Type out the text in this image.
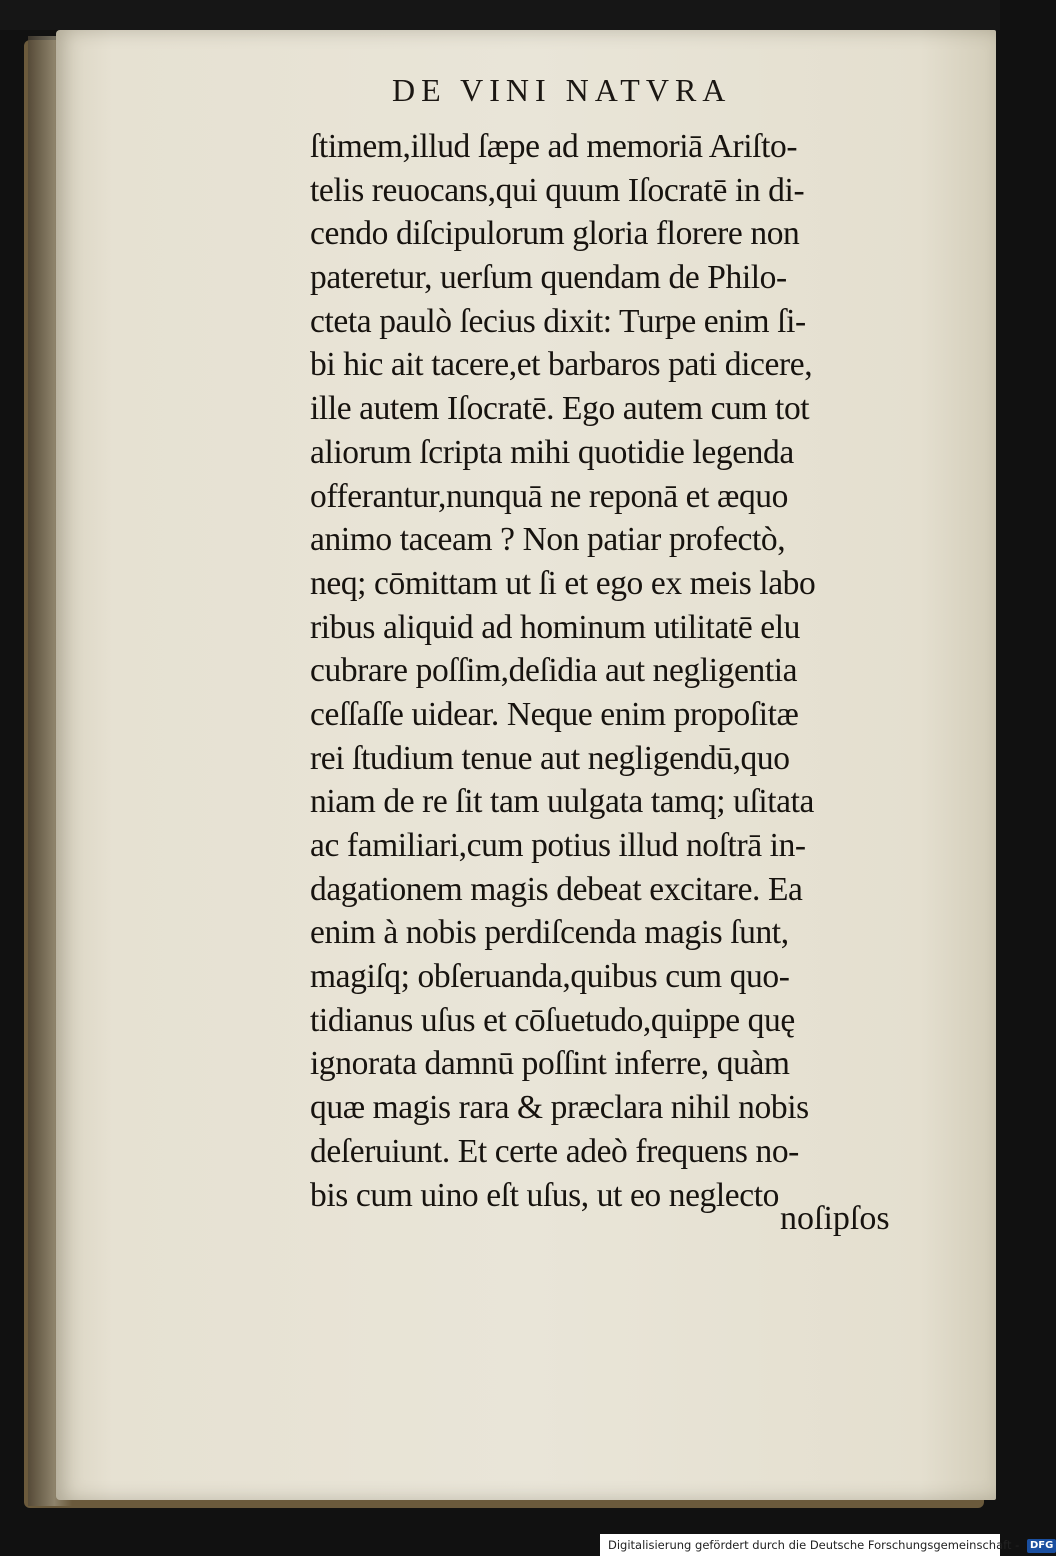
DE VINI NATVRA
ſtimem,illud ſæpe ad memoriā Ariſto-
telis reuocans,qui quum Iſocratē in di-
cendo diſcipulorum gloria florere non
pateretur, uerſum quendam de Philo-
cteta paulò ſecius dixit: Turpe enim ſi-
bi hic ait tacere,et barbaros pati dicere,
ille autem Iſocratē. Ego autem cum tot
aliorum ſcripta mihi quotidie legenda
offerantur,nunquā ne reponā et æquo
animo taceam ? Non patiar profectò,
neq; cōmittam ut ſi et ego ex meis labo
ribus aliquid ad hominum utilitatē elu
cubrare poſſim,deſidia aut negligentia
ceſſaſſe uidear. Neque enim propoſitæ
rei ſtudium tenue aut negligendū,quo
niam de re ſit tam uulgata tamq; uſitata
ac familiari,cum potius illud noſtrā in-
dagationem magis debeat excitare. Ea
enim à nobis perdiſcenda magis ſunt,
magiſq; obſeruanda,quibus cum quo-
tidianus uſus et cōſuetudo,quippe quę
ignorata damnū poſſint inferre, quàm
quæ magis rara & præclara nihil nobis
deſeruiunt. Et certe adeò frequens no-
bis cum uino eſt uſus, ut eo neglecto
noſipſos
Digitalisierung gefördert durch die Deutsche Forschungsgemeinschaft - DFG
